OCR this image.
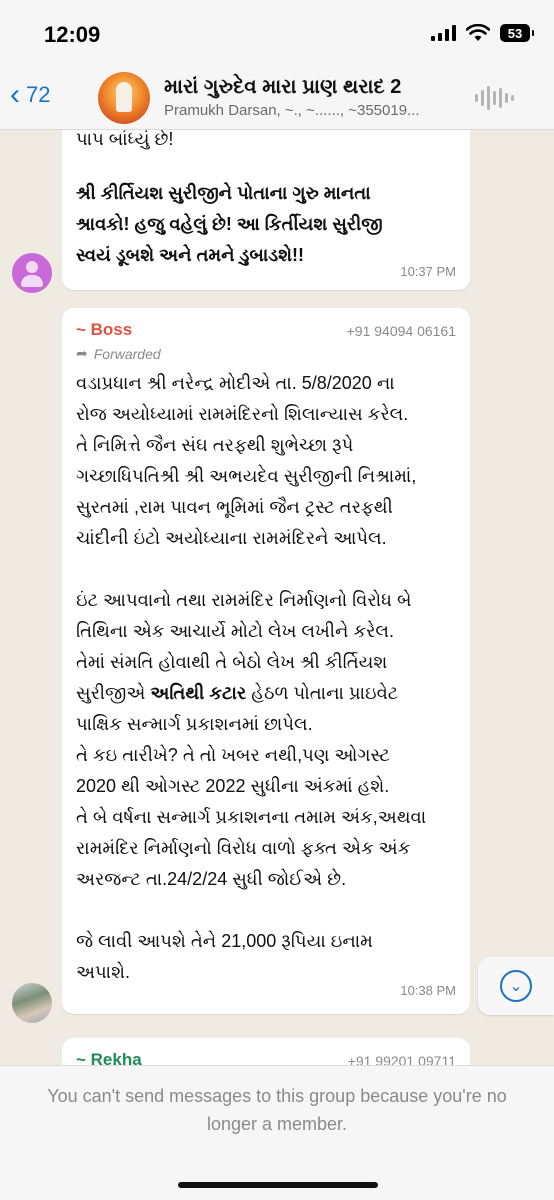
12:09	53
‹ 72	મારાં ગુરુદેવ મારા પ્રાણ થરાદ 2
Pramukh Darsan, ~., ~......, ~355019...
પાપ બાંધ્યું છે!
શ્રી કીર્તિયશ સુરીજીને પોતાના ગુરુ માનતા
શ્રાવકો! હજુ વહેલું છે! આ કિર્તીયશ સુરીજી
સ્વયં ડૂબશે અને તમને ડુબાડશે!!
10:37 PM
~ Boss	+91 94094 06161
➦ Forwarded
વડાપ્રધાન શ્રી નરેન્દ્ર મોદીએ તા. 5/8/2020 ના
રોજ અયોધ્યામાં રામમંદિરનો શિલાન્યાસ કરેલ.
તે નિમિત્તે જૈન સંઘ તરફથી શુભેચ્છા રૂપે
ગચ્છાધિપતિશ્રી શ્રી અભયદેવ સુરીજીની નિશ્રામાં,
સુરતમાં ,રામ પાવન ભૂમિમાં જૈન ટ્રસ્ટ તરફથી
ચાંદીની ઇંટો અયોધ્યાના રામમંદિરને આપેલ.

ઇંટ આપવાનો તથા રામમંદિર નિર્માણનો વિરોધ બે
તિથિના એક આચાર્યે મોટો લેખ લખીને કરેલ.
તેમાં સંમતિ હોવાથી તે બેઠો લેખ શ્રી કીર્તિયશ
સુરીજીએ અતિથી કટાર હેઠળ પોતાના પ્રાઇવેટ
પાક્ષિક સન્માર્ગ પ્રકાશનમાં છાપેલ.
તે કઇ તારીખે? તે તો ખબર નથી,પણ ઓગસ્ટ
2020 થી ઓગસ્ટ 2022 સુધીના અંકમાં હશે.
તે બે વર્ષના સન્માર્ગ પ્રકાશનના તમામ અંક,અથવા
રામમંદિર નિર્માણનો વિરોધ વાળો ફક્ત એક અંક
અરજન્ટ તા.24/2/24 સુધી જોઈએ છે.

જે લાવી આપશે તેને 21,000 રૂપિયા ઇનામ
અપાશે.
10:38 PM
~ Rekha	+91 99201 09711
⌄
You can't send messages to this group because you're no longer a member.
